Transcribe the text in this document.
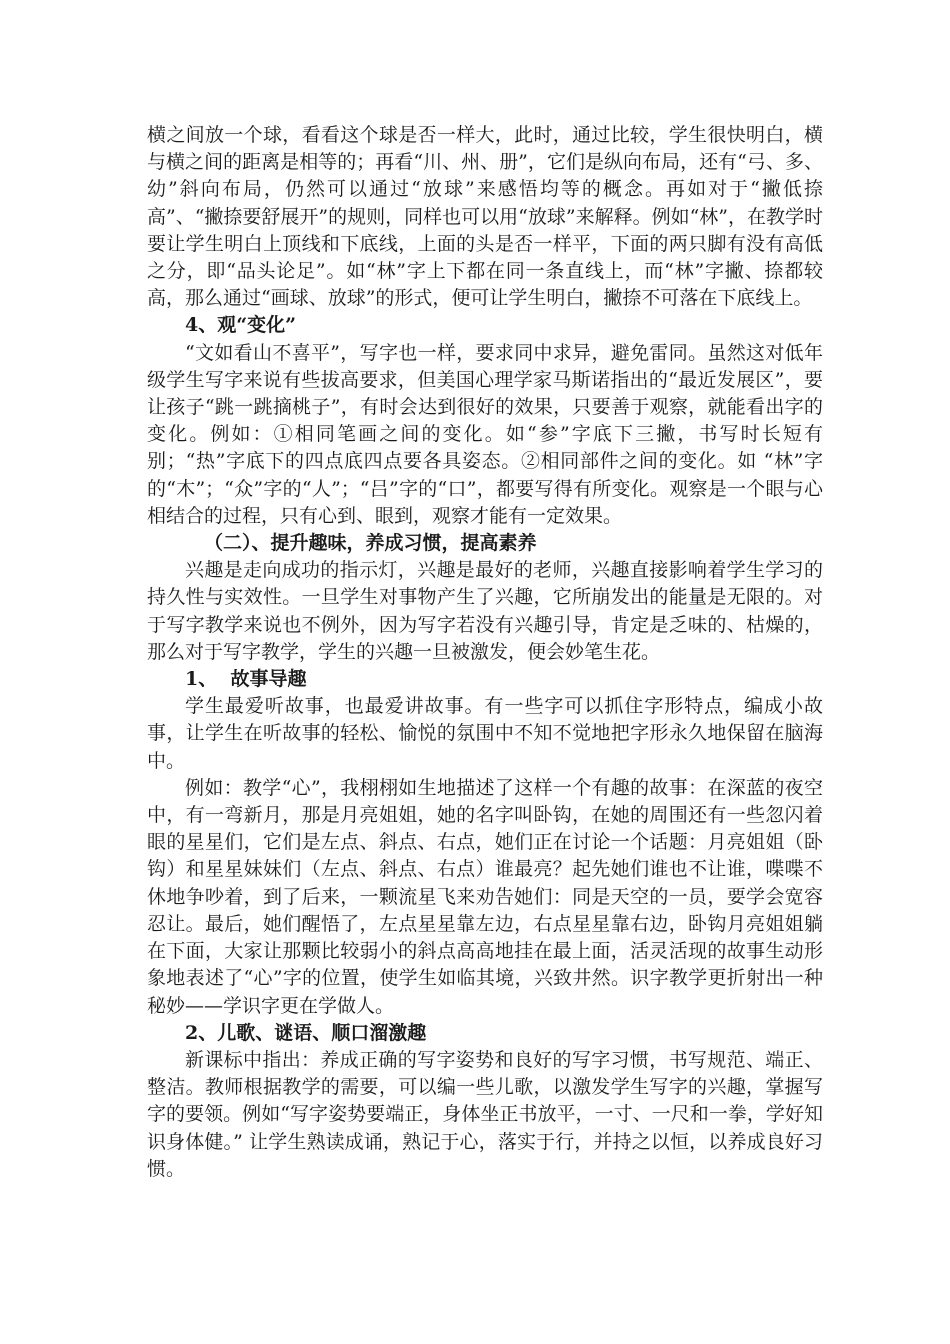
横之间放一个球，看看这个球是否一样大，此时，通过比较，学生很快明白，横与横之间的距离是相等的；再看“川、州、册”，它们是纵向布局，还有“弓、多、幼”斜向布局，仍然可以通过“放球”来感悟均等的概念。再如对于“撇低捺高”、“撇捺要舒展开”的规则，同样也可以用“放球”来解释。例如“林”，在教学时要让学生明白上顶线和下底线，上面的头是否一样平，下面的两只脚有没有高低之分，即“品头论足”。如“林”字上下都在同一条直线上，而“林”字撇、捺都较高，那么通过“画球、放球”的形式，便可让学生明白，撇捺不可落在下底线上。

4、观“变化”

“文如看山不喜平”，写字也一样，要求同中求异，避免雷同。虽然这对低年级学生写字来说有些拔高要求，但美国心理学家马斯诺指出的“最近发展区”，要让孩子“跳一跳摘桃子”，有时会达到很好的效果，只要善于观察，就能看出字的变化。例如：①相同笔画之间的变化。如“参”字底下三撇，书写时长短有别；“热”字底下的四点底四点要各具姿态。②相同部件之间的变化。如 “林”字的“木”；“众”字的“人”；“吕”字的“口”，都要写得有所变化。观察是一个眼与心相结合的过程，只有心到、眼到，观察才能有一定效果。

（二）、提升趣味，养成习惯，提高素养

兴趣是走向成功的指示灯，兴趣是最好的老师，兴趣直接影响着学生学习的持久性与实效性。一旦学生对事物产生了兴趣，它所崩发出的能量是无限的。对于写字教学来说也不例外，因为写字若没有兴趣引导，肯定是乏味的、枯燥的，那么对于写字教学，学生的兴趣一旦被激发，便会妙笔生花。

1、  故事导趣

学生最爱听故事，也最爱讲故事。有一些字可以抓住字形特点，编成小故事，让学生在听故事的轻松、愉悦的氛围中不知不觉地把字形永久地保留在脑海中。

例如：教学“心”，我栩栩如生地描述了这样一个有趣的故事：在深蓝的夜空中，有一弯新月，那是月亮姐姐，她的名字叫卧钩，在她的周围还有一些忽闪着眼的星星们，它们是左点、斜点、右点，她们正在讨论一个话题：月亮姐姐（卧钩）和星星妹妹们（左点、斜点、右点）谁最亮？起先她们谁也不让谁，喋喋不休地争吵着，到了后来，一颗流星飞来劝告她们：同是天空的一员，要学会宽容忍让。最后，她们醒悟了，左点星星靠左边，右点星星靠右边，卧钩月亮姐姐躺在下面，大家让那颗比较弱小的斜点高高地挂在最上面，活灵活现的故事生动形象地表述了“心”字的位置，使学生如临其境，兴致井然。识字教学更折射出一种秘妙——学识字更在学做人。

2、儿歌、谜语、顺口溜激趣

新课标中指出：养成正确的写字姿势和良好的写字习惯，书写规范、端正、整洁。教师根据教学的需要，可以编一些儿歌，以激发学生写字的兴趣，掌握写字的要领。例如“写字姿势要端正，身体坐正书放平，一寸、一尺和一拳，学好知识身体健。” 让学生熟读成诵，熟记于心，落实于行，并持之以恒，以养成良好习惯。
